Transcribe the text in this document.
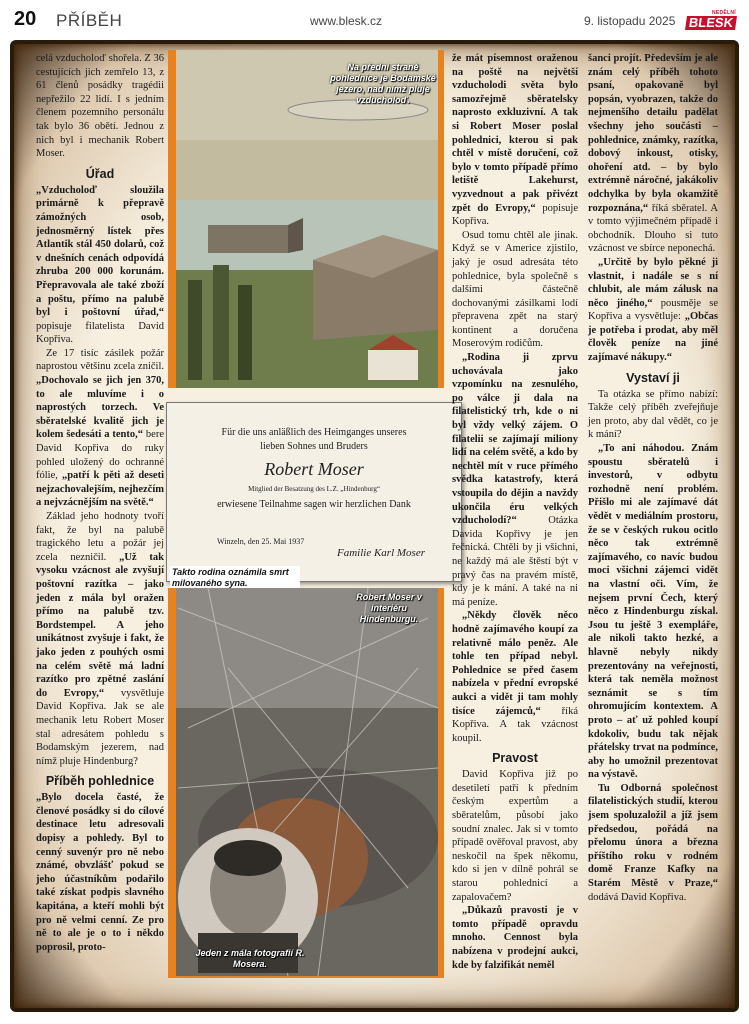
20 PŘÍBĚH	www.blesk.cz	9. listopadu 2025
NEDĚLNÍ
BLESK

celá vzducholoď shořela. Z 36 cestujících jich zemřelo 13, z 61 členů posádky tragédii nepřežilo 22 lidí. I s jedním členem pozemního personálu tak bylo 36 obětí. Jednou z nich byl i mechanik Robert Moser.

Úřad

„Vzducholoď sloužila primárně k přepravě zámožných osob, jednosměrný lístek přes Atlantik stál 450 dolarů, což v dnešních cenách odpovídá zhruba 200 000 korunám. Přepravovala ale také zboží a poštu, přímo na palubě byl i poštovní úřad,“ popisuje filatelista David Kopřiva.

Ze 17 tisíc zásilek požár naprostou většinu zcela zničil. „Dochovalo se jich jen 370, to ale mluvíme i o naprostých torzech. Ve sběratelské kvalitě jich je kolem šedesáti a tento,“ bere David Kopřiva do ruky pohled uložený do ochranné fólie, „patří k pěti až deseti nejzachovalejším, nejhezčím a nejvzácnějším na světě.“

Základ jeho hodnoty tvoří fakt, že byl na palubě tragického letu a požár jej zcela nezničil. „Už tak vysoku vzácnost ale zvyšují poštovní razítka – jako jeden z mála byl oražen přímo na palubě tzv. Bordstempel. A jeho unikátnost zvyšuje i fakt, že jako jeden z pouhých osmi na celém světě má ladní razítko pro zpětné zaslání do Evropy,“ vysvětluje David Kopřiva. Jak se ale mechanik letu Robert Moser stal adresátem pohledu s Bodamským jezerem, nad nímž pluje Hindenburg?

Příběh pohlednice

„Bylo docela časté, že členové posádky si do cílové destinace letu adresovali dopisy a pohledy. Byl to cenný suvenýr pro ně nebo známé, obvzlášť pokud se jeho účastníkům podařilo také získat podpis slavného kapitána, a kteří mohli být pro ně velmi cenní. Ze pro ně to ale je o to i někdo poprosil, proto-

Na přední straně pohlednice je Bodamské jezero, nad nímž pluje vzducholoď.
Für die uns anläßlich des Heimganges unseres
lieben Sohnes und Bruders
Robert Moser
Mitglied der Besatzung des L.Z. „Hindenburg“
erwiesene Teilnahme sagen wir herzlichen Dank
Winzeln, den 25. Mai 1937
Familie Karl Moser
Takto rodina oznámila smrt milovaného syna.
Robert Moser v interiéru Hindenburgu.
Jeden z mála fotografií R. Mosera.

že mát písemnost oraženou na poště na největší vzducholodi světa bylo samozřejmě sběratelsky naprosto exkluzivní. A tak si Robert Moser poslal pohlednici, kterou si pak chtěl v místě doručení, což bylo v tomto případě přímo letiště Lakehurst, vyzvednout a pak přivézt zpět do Evropy,“ popisuje Kopřiva.

Osud tomu chtěl ale jinak. Když se v Americe zjistilo, jaký je osud adresáta této pohlednice, byla společně s dalšími částečně dochovanými zásilkami lodí přepravena zpět na starý kontinent a doručena Moserovým rodičům.

„Rodina ji zprvu uchovávala jako vzpomínku na zesnulého, po válce ji dala na filatelistický trh, kde o ni byl vždy velký zájem. O filatelii se zajímají miliony lidí na celém světě, a kdo by nechtěl mít v ruce přímého svědka katastrofy, která vstoupila do dějin a navždy ukončila éru velkých vzducholodí?“ Otázka Davida Kopřivy je jen řečnická. Chtěli by ji všichni, ne každý má ale štěstí být v pravý čas na pravém místě, kdy je k mání. A také na ni má peníze.

„Někdy člověk něco hodně zajímavého koupí za relativně málo peněz. Ale tohle ten případ nebyl. Pohlednice se před časem nabízela v přední evropské aukci a vidět ji tam mohly tisíce zájemců,“ říká Kopřiva. A tak vzácnost koupil.

Pravost

David Kopřiva již po desetiletí patří k předním českým expertům a sběratelům, působí jako soudní znalec. Jak si v tomto případě ověřoval pravost, aby neskočil na špek někomu, kdo si jen v dílně pohrál se starou pohlednicí a zapalovačem?

„Důkazů pravosti je v tomto případě opravdu mnoho. Cennost byla nabízena v prodejní aukci, kde by falzifikát neměl

šanci projít. Především je ale znám celý příběh tohoto psaní, opakovaně byl popsán, vyobrazen, takže do nejmenšího detailu padělat všechny jeho součásti – pohlednice, známky, razítka, dobový inkoust, otisky, ohoření atd. – by bylo extrémně náročné, jakákoliv odchylka by byla okamžitě rozpoznána,“ říká sběratel. A v tomto výjimečném případě i obchodník. Dlouho si tuto vzácnost ve sbírce neponechá.

„Určitě by bylo pěkné ji vlastnit, i nadále se s ní chlubit, ale mám zálusk na něco jiného,“ pousměje se Kopřiva a vysvětluje: „Občas je potřeba i prodat, aby měl člověk peníze na jiné zajímavé nákupy.“

Vystaví ji

Ta otázka se přímo nabízí: Takže celý příběh zveřejňuje jen proto, aby dal vědět, co je k mání?

„To ani náhodou. Znám spoustu sběratelů i investorů, v odbytu rozhodně není problém. Přišlo mi ale zajímavé dát vědět v mediálním prostoru, že se v českých rukou ocitlo něco tak extrémně zajímavého, co navíc budou moci všichni zájemci vidět na vlastní oči. Vím, že nejsem první Čech, který něco z Hindenburgu získal. Jsou tu ještě 3 exempláře, ale nikoli takto hezké, a hlavně nebyly nikdy prezentovány na veřejnosti, která tak neměla možnost seznámit se s tím ohromujícím kontextem. A proto – ať už pohled koupí kdokoliv, budu tak nějak přátelsky trvat na podmínce, aby ho umožnil prezentovat na výstavě.

Tu Odborná společnost filatelistických studií, kterou jsem spoluzaložil a jíž jsem předsedou, pořádá na přelomu února a března příštího roku v rodném domě Franze Kafky na Starém Městě v Praze,“ dodává David Kopřiva.
